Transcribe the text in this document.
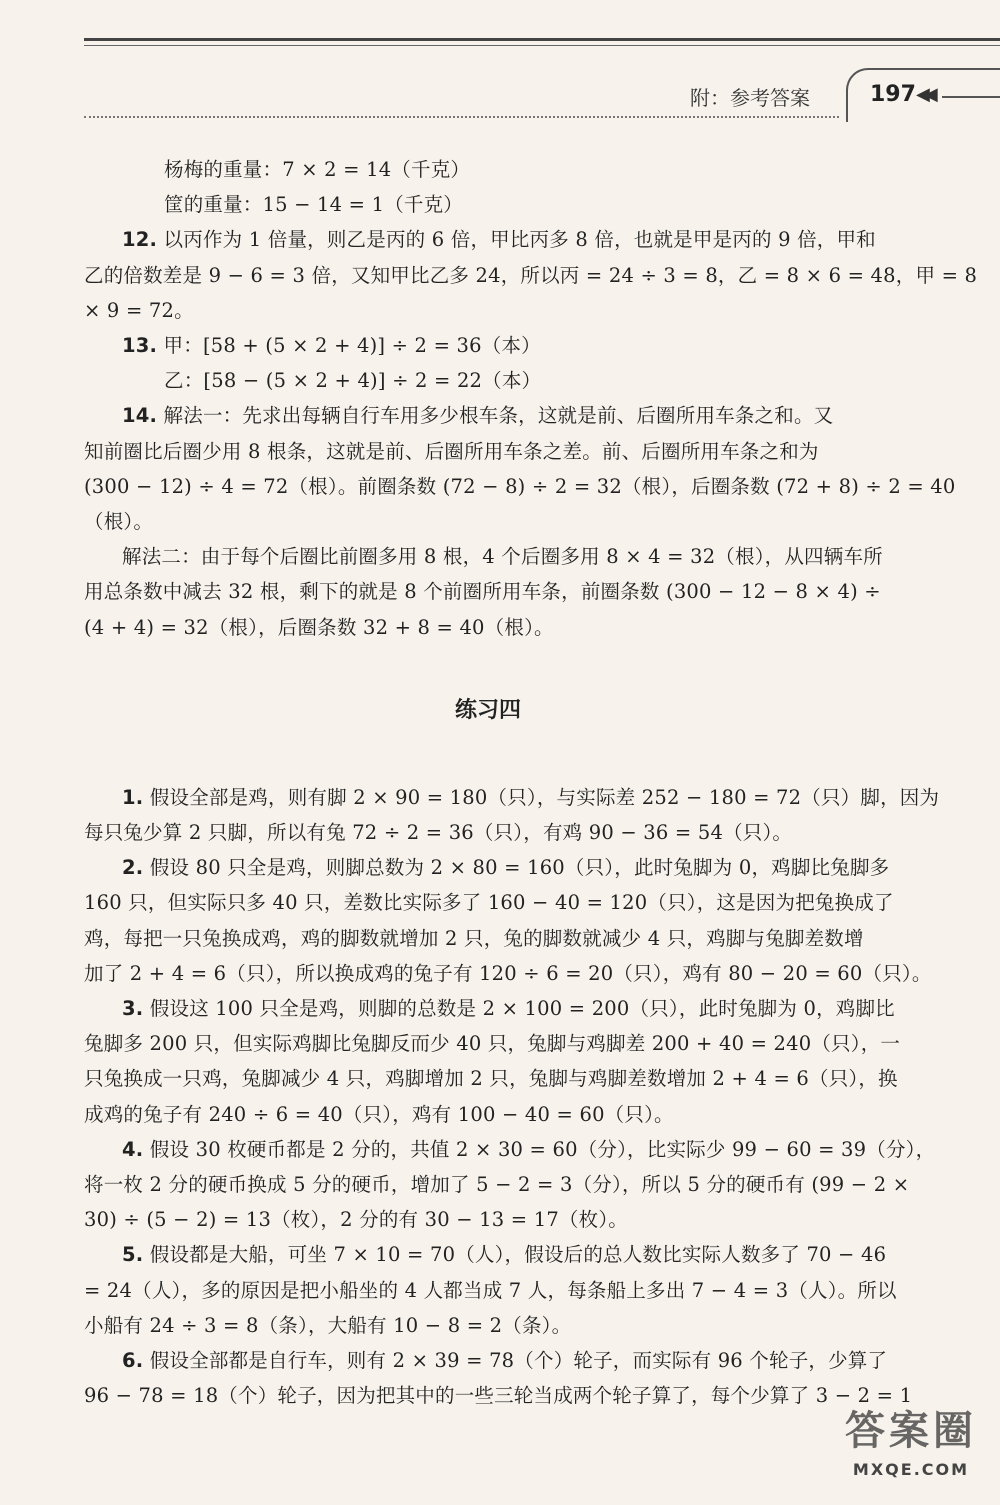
附：参考答案	197 ◀◀
杨梅的重量：7 × 2 = 14（千克）
筐的重量：15 − 14 = 1（千克）
12. 以丙作为 1 倍量，则乙是丙的 6 倍，甲比丙多 8 倍，也就是甲是丙的 9 倍，甲和
乙的倍数差是 9 − 6 = 3 倍，又知甲比乙多 24，所以丙 = 24 ÷ 3 = 8，乙 = 8 × 6 = 48，甲 = 8
× 9 = 72。
13. 甲：[58 + (5 × 2 + 4)] ÷ 2 = 36（本）
乙：[58 − (5 × 2 + 4)] ÷ 2 = 22（本）
14. 解法一：先求出每辆自行车用多少根车条，这就是前、后圈所用车条之和。又
知前圈比后圈少用 8 根条，这就是前、后圈所用车条之差。前、后圈所用车条之和为
(300 − 12) ÷ 4 = 72（根）。前圈条数 (72 − 8) ÷ 2 = 32（根），后圈条数 (72 + 8) ÷ 2 = 40
（根）。
解法二：由于每个后圈比前圈多用 8 根，4 个后圈多用 8 × 4 = 32（根），从四辆车所
用总条数中减去 32 根，剩下的就是 8 个前圈所用车条，前圈条数 (300 − 12 − 8 × 4) ÷
(4 + 4) = 32（根），后圈条数 32 + 8 = 40（根）。
练习四
1. 假设全部是鸡，则有脚 2 × 90 = 180（只），与实际差 252 − 180 = 72（只）脚，因为
每只兔少算 2 只脚，所以有兔 72 ÷ 2 = 36（只），有鸡 90 − 36 = 54（只）。
2. 假设 80 只全是鸡，则脚总数为 2 × 80 = 160（只），此时兔脚为 0，鸡脚比兔脚多
160 只，但实际只多 40 只，差数比实际多了 160 − 40 = 120（只），这是因为把兔换成了
鸡，每把一只兔换成鸡，鸡的脚数就增加 2 只，兔的脚数就减少 4 只，鸡脚与兔脚差数增
加了 2 + 4 = 6（只），所以换成鸡的兔子有 120 ÷ 6 = 20（只），鸡有 80 − 20 = 60（只）。
3. 假设这 100 只全是鸡，则脚的总数是 2 × 100 = 200（只），此时兔脚为 0，鸡脚比
兔脚多 200 只，但实际鸡脚比兔脚反而少 40 只，兔脚与鸡脚差 200 + 40 = 240（只），一
只兔换成一只鸡，兔脚减少 4 只，鸡脚增加 2 只，兔脚与鸡脚差数增加 2 + 4 = 6（只），换
成鸡的兔子有 240 ÷ 6 = 40（只），鸡有 100 − 40 = 60（只）。
4. 假设 30 枚硬币都是 2 分的，共值 2 × 30 = 60（分），比实际少 99 − 60 = 39（分），
将一枚 2 分的硬币换成 5 分的硬币，增加了 5 − 2 = 3（分），所以 5 分的硬币有 (99 − 2 ×
30) ÷ (5 − 2) = 13（枚），2 分的有 30 − 13 = 17（枚）。
5. 假设都是大船，可坐 7 × 10 = 70（人），假设后的总人数比实际人数多了 70 − 46
= 24（人），多的原因是把小船坐的 4 人都当成 7 人，每条船上多出 7 − 4 = 3（人）。所以
小船有 24 ÷ 3 = 8（条），大船有 10 − 8 = 2（条）。
6. 假设全部都是自行车，则有 2 × 39 = 78（个）轮子，而实际有 96 个轮子，少算了
96 − 78 = 18（个）轮子，因为把其中的一些三轮当成两个轮子算了，每个少算了 3 − 2 = 1
答案圈
MXQE.COM
